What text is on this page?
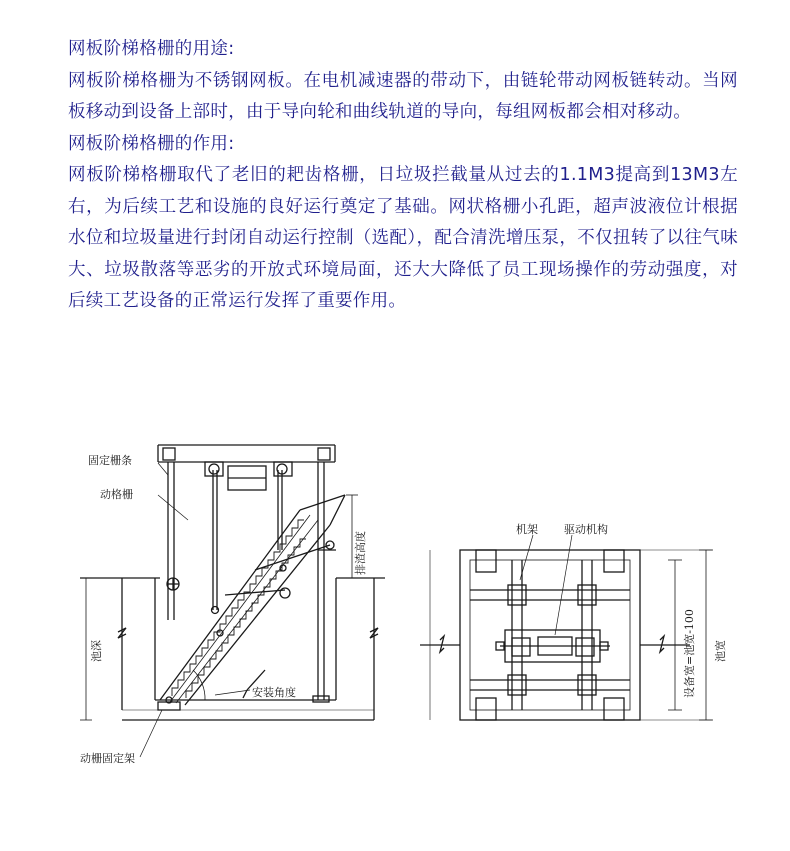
网板阶梯格栅的用途:

网板阶梯格栅为不锈钢网板。在电机减速器的带动下，由链轮带动网板链转动。当网板移动到设备上部时，由于导向轮和曲线轨道的导向，每组网板都会相对移动。

网板阶梯格栅的作用:

网板阶梯格栅取代了老旧的耙齿格栅，日垃圾拦截量从过去的1.1M3提高到13M3左右，为后续工艺和设施的良好运行奠定了基础。网状格栅小孔距，超声波液位计根据水位和垃圾量进行封闭自动运行控制（选配），配合清洗增压泵，不仅扭转了以往气味大、垃圾散落等恶劣的开放式环境局面，还大大降低了员工现场操作的劳动强度，对后续工艺设备的正常运行发挥了重要作用。

固定栅条
动格栅
排渣高度
池深
安装角度
动栅固定架
机架 驱动机构
设备宽=池宽-100 池宽
